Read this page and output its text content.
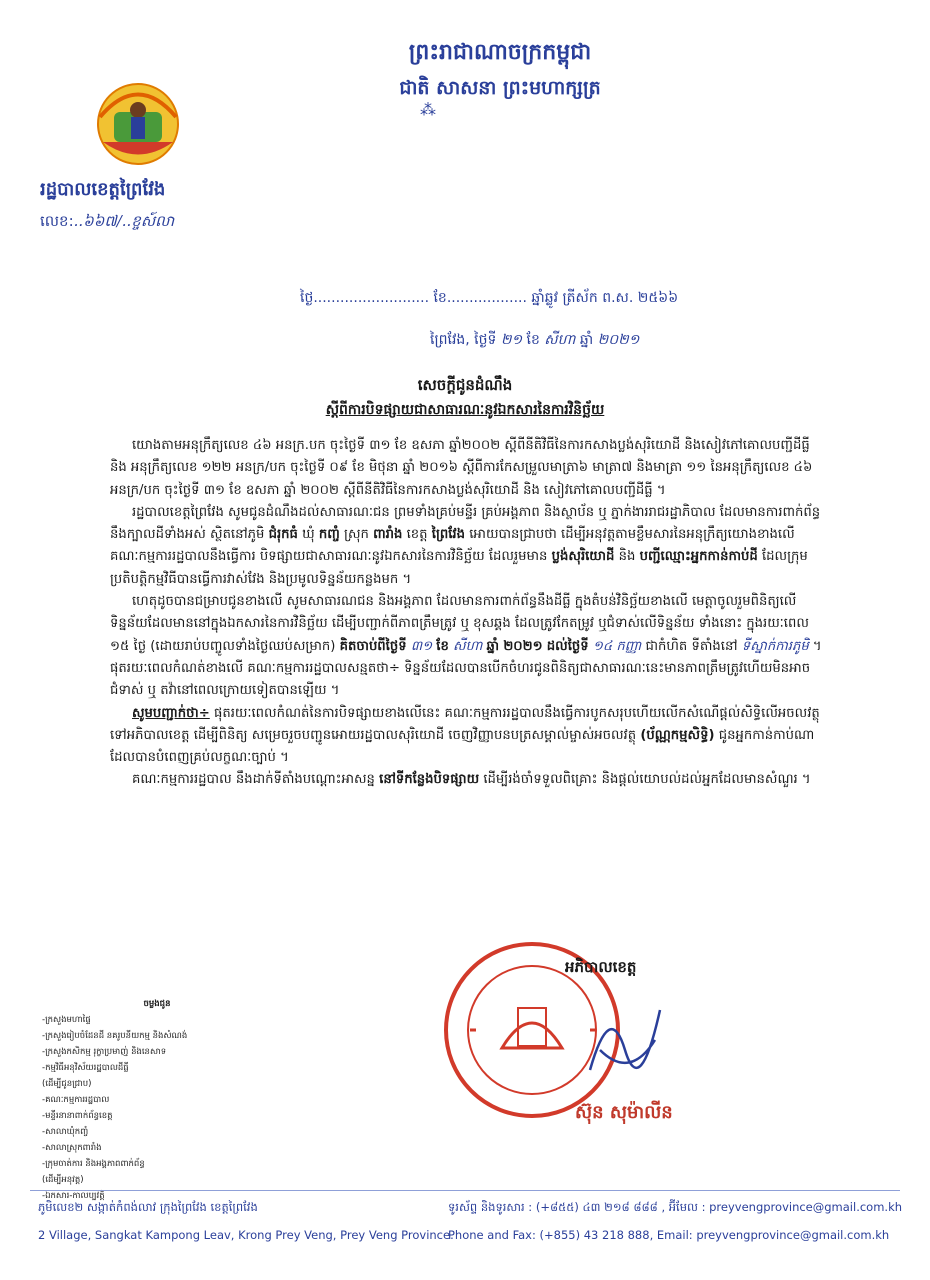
ព្រះរាជាណាចក្រកម្ពុជា
ជាតិ សាសនា ព្រះមហាក្សត្រ
⁂
រដ្ឋបាលខេត្តព្រៃវែង
លេខ:..៦៦៧/..ខ្ចស៍លា
ថ្ងៃ.......................... ខែ.................. ឆ្នាំឆ្លូវ ត្រីស័ក ព.ស. ២៥៦៦
ព្រៃវែង, ថ្ងៃទី ២១ ខែ សីហា ឆ្នាំ ២០២១
សេចក្តីជូនដំណឹង
ស្តីពីការបិទផ្សាយជាសាធារណៈនូវឯកសារនៃការវិនិច្ឆ័យ

យោងតាមអនុក្រឹត្យលេខ ៤៦ អនក្រ.បក ចុះថ្ងៃទី ៣១ ខែ ឧសភា ឆ្នាំ២០០២ ស្តីពីនីតិវិធីនៃការកសាងប្លង់សុរិយោដី និងសៀវភៅគោលបញ្ជីដីធ្លី និង អនុក្រឹត្យលេខ ១២២ អនក្រ/បក ចុះថ្ងៃទី ០៩ ខែ មិថុនា ឆ្នាំ ២០១៦ ស្តីពីការកែសម្រួលមាត្រា៦ មាត្រា៧ និងមាត្រា ១១ នៃអនុក្រឹត្យលេខ ៤៦ អនក្រ/បក ចុះថ្ងៃទី ៣១ ខែ ឧសភា ឆ្នាំ ២០០២ ស្តីពីនីតិវិធីនៃការកសាងប្លង់សុរិយោដី និង សៀវភៅគោលបញ្ជីដីធ្លី ។

រដ្ឋបាលខេត្តព្រៃវែង សូមជូនដំណឹងដល់សាធារណៈជន ព្រមទាំងគ្រប់មន្ទីរ គ្រប់អង្គភាព និងស្ថាប័ន ឬ ភ្នាក់ងាររាជរដ្ឋាភិបាល ដែលមានការពាក់ព័ន្ធនឹងក្បាលដីទាំងអស់ ស្ថិតនៅភូមិ ជំរុកធំ ឃុំ កញ្ចំ ស្រុក ពារាំង ខេត្ត ព្រៃវែង អោយបានជ្រាបថា ដើម្បីអនុវត្តតាមខ្លឹមសារនៃអនុក្រឹត្យយោងខាងលើ គណៈកម្មការរដ្ឋបាលនឹងធ្វើការ បិទផ្សាយជាសាធារណៈនូវឯកសារនៃការវិនិច្ឆ័យ ដែលរួមមាន ប្លង់សុរិយោដី និង បញ្ជីឈ្មោះអ្នកកាន់កាប់ដី ដែលក្រុមប្រតិបត្តិកម្មវិធីបានធ្វើការវាស់វែង និងប្រមូលទិន្នន័យកន្លងមក ។

ហេតុដូចបានជម្រាបជូនខាងលើ សូមសាធារណជន និងអង្គភាព ដែលមានការពាក់ព័ន្ធនឹងដីធ្លី ក្នុងតំបន់វិនិច្ឆ័យខាងលើ មេត្តាចូលរួមពិនិត្យលើទិន្នន័យដែលមាននៅក្នុងឯកសារនៃការវិនិច្ឆ័យ ដើម្បីបញ្ជាក់ពីភាពត្រឹមត្រូវ ឬ ខុសឆ្គង ដែលត្រូវកែតម្រូវ ឬជំទាស់លើទិន្នន័យ ទាំងនោះ ក្នុងរយៈពេល ១៥ ថ្ងៃ (ដោយរាប់បញ្ចូលទាំងថ្ងៃឈប់សម្រាក) គិតចាប់ពីថ្ងៃទី ៣១ ខែ សីហា ឆ្នាំ ២០២១ ដល់ថ្ងៃទី ១៤ កញ្ញា ជាកំហិត ទីតាំងនៅ ទីស្នាក់ការភូមិ ។ ផុតរយៈពេលកំណត់ខាងលើ គណៈកម្មការរដ្ឋបាលសន្មតថា÷ ទិន្នន័យដែលបានបើកចំហរជូនពិនិត្យជាសាធារណៈនេះមានភាពត្រឹមត្រូវហើយមិនអាចជំទាស់ ឬ តវ៉ានៅពេលក្រោយទៀតបានឡើយ ។

សូមបញ្ជាក់ថា÷ ផុតរយៈពេលកំណត់នៃការបិទផ្សាយខាងលើនេះ គណៈកម្មការរដ្ឋបាលនឹងធ្វើការបូកសរុបហើយលើកសំណើផ្តល់សិទ្ធិលើអចលវត្ថុទៅអភិបាលខេត្ត ដើម្បីពិនិត្យ សម្រេចរួចបញ្ជូនអោយរដ្ឋបាលសុរិយោដី ចេញវិញ្ញាបនបត្រសម្គាល់ម្ចាស់អចលវត្ថុ (ប័ណ្ណកម្មសិទ្ធិ) ជូនអ្នកកាន់កាប់ណាដែលបានបំពេញគ្រប់លក្ខណៈច្បាប់ ។

គណៈកម្មការរដ្ឋបាល នឹងដាក់ទីតាំងបណ្តោះអាសន្ន នៅទីកន្លែងបិទផ្សាយ ដើម្បីរង់ចាំទទួលពិគ្រោះ និងផ្តល់យោបល់ដល់អ្នកដែលមានសំណួរ ។

ចម្លងជូន
-ក្រសួងមហាផ្ទៃ
-ក្រសួងរៀបចំដែនដី នគរូបនីយកម្ម និងសំណង់
-ក្រសួងកសិកម្ម រុក្ខាប្រមាញ់ និងនេសាទ
-កម្មវិធីអនុវិស័យរដ្ឋបាលដីធ្លី
(ដើម្បីជូនជ្រាប)
-គណៈកម្មការរដ្ឋបាល
-មន្ទីរនានាពាក់ព័ន្ធខេត្ត
-សាលាឃុំកញ្ចំ
-សាលាស្រុកពារាំង
-ក្រុមចាត់ការ និងអង្គភាពពាក់ព័ន្ធ
(ដើម្បីអនុវត្ត)
-ឯកសារ-កាលប្បវត្តិ
អភិបាលខេត្ត
ស៊ុន សុម៉ាលីន
ភូមិលេខ២ សង្កាត់កំពង់លាវ ក្រុងព្រៃវែង ខេត្តព្រៃវែង
2 Village, Sangkat Kampong Leav, Krong Prey Veng, Prey Veng Province.
ទូរស័ព្ទ និងទូរសារ : (+៨៥៥) ៤៣ ២១៨ ៨៨៨ , អ៊ីមែល : preyvengprovince@gmail.com.kh
Phone and Fax: (+855) 43 218 888, Email: preyvengprovince@gmail.com.kh
